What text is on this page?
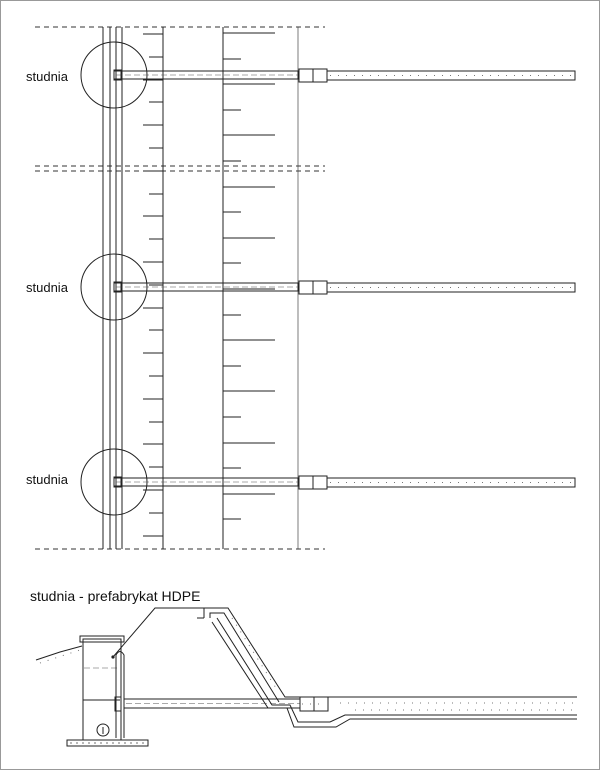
studnia
studnia
studnia
studnia - prefabrykat HDPE
